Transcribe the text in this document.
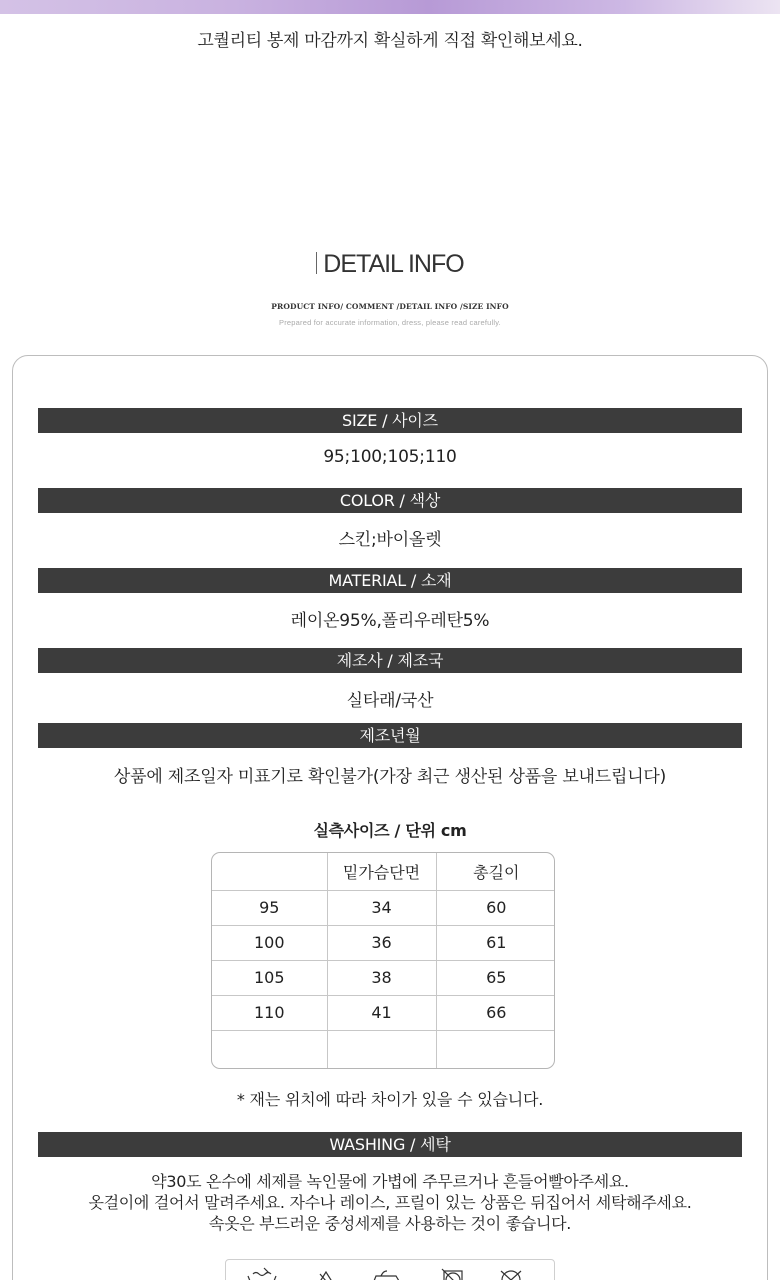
고퀄리티 봉제 마감까지 확실하게 직접 확인해보세요.
DETAIL INFO
PRODUCT INFO/ COMMENT /DETAIL INFO /SIZE INFO
Prepared for accurate information, dress, please read carefully.
SIZE / 사이즈
95;100;105;110
COLOR / 색상
스킨;바이올렛
MATERIAL / 소재
레이온95%,폴리우레탄5%
제조사 / 제조국
실타래/국산
제조년월
상품에 제조일자 미표기로 확인불가(가장 최근 생산된 상품을 보내드립니다)
실측사이즈 / 단위 cm
	밑가슴단면	총길이
95	34	60
100	36	61
105	38	65
110	41	66

* 재는 위치에 따라 차이가 있을 수 있습니다.
WASHING / 세탁
약30도 온수에 세제를 녹인물에 가볍에 주무르거나 흔들어빨아주세요.
옷걸이에 걸어서 말려주세요. 자수나 레이스, 프릴이 있는 상품은 뒤집어서 세탁해주세요.
속옷은 부드러운 중성세제를 사용하는 것이 좋습니다.
